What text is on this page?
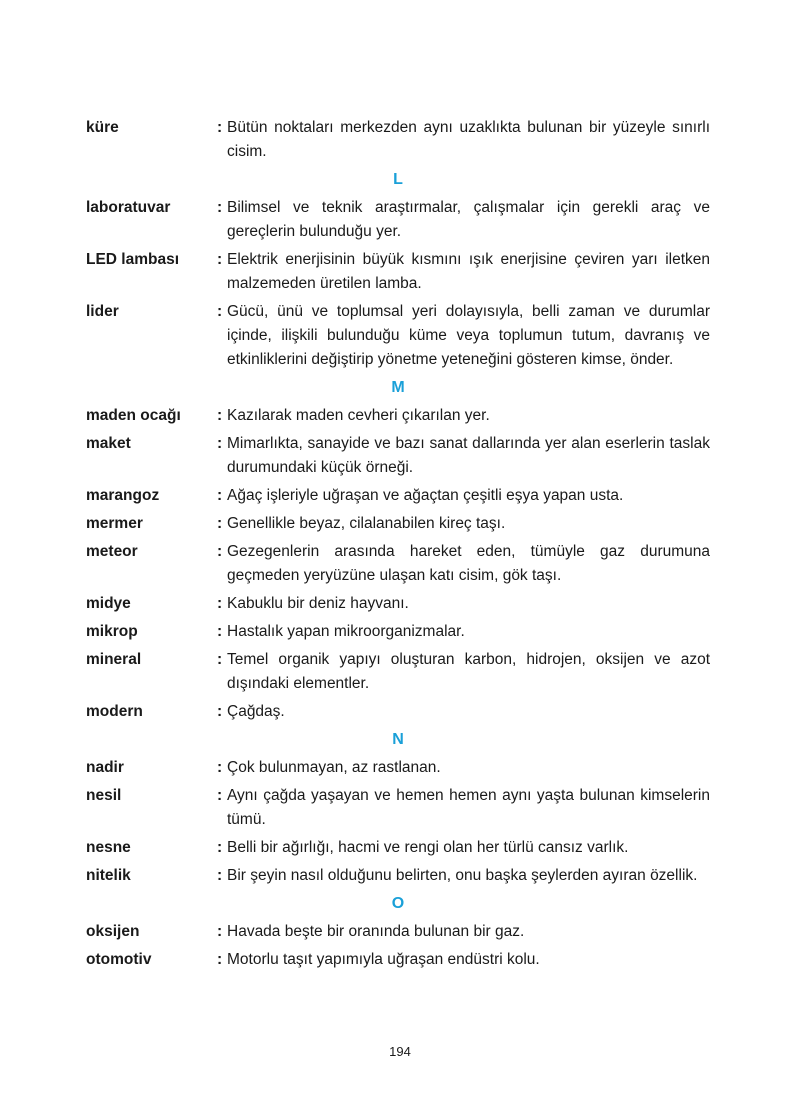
küre	: Bütün noktaları merkezden aynı uzaklıkta bulunan bir yüzeyle sınırlı cisim.
L
laboratuvar	: Bilimsel ve teknik araştırmalar, çalışmalar için gerekli araç ve gereçlerin bulunduğu yer.
LED lambası	: Elektrik enerjisinin büyük kısmını ışık enerjisine çeviren yarı iletken malzemeden üretilen lamba.
lider	: Gücü, ünü ve toplumsal yeri dolayısıyla, belli zaman ve durumlar içinde, ilişkili bulunduğu küme veya toplumun tutum, davranış ve etkinliklerini değiştirip yönetme yeteneğini gösteren kimse, önder.
M
maden ocağı	: Kazılarak maden cevheri çıkarılan yer.
maket	: Mimarlıkta, sanayide ve bazı sanat dallarında yer alan eserlerin taslak durumundaki küçük örneği.
marangoz	: Ağaç işleriyle uğraşan ve ağaçtan çeşitli eşya yapan usta.
mermer	: Genellikle beyaz, cilalanabilen kireç taşı.
meteor	: Gezegenlerin arasında hareket eden, tümüyle gaz durumuna geçmeden yeryüzüne ulaşan katı cisim, gök taşı.
midye	: Kabuklu bir deniz hayvanı.
mikrop	: Hastalık yapan mikroorganizmalar.
mineral	: Temel organik yapıyı oluşturan karbon, hidrojen, oksijen ve azot dışındaki elementler.
modern	: Çağdaş.
N
nadir	: Çok bulunmayan, az rastlanan.
nesil	: Aynı çağda yaşayan ve hemen hemen aynı yaşta bulunan kimselerin tümü.
nesne	: Belli bir ağırlığı, hacmi ve rengi olan her türlü cansız varlık.
nitelik	: Bir şeyin nasıl olduğunu belirten, onu başka şeylerden ayıran özellik.
O
oksijen	: Havada beşte bir oranında bulunan bir gaz.
otomotiv	: Motorlu taşıt yapımıyla uğraşan endüstri kolu.
194
